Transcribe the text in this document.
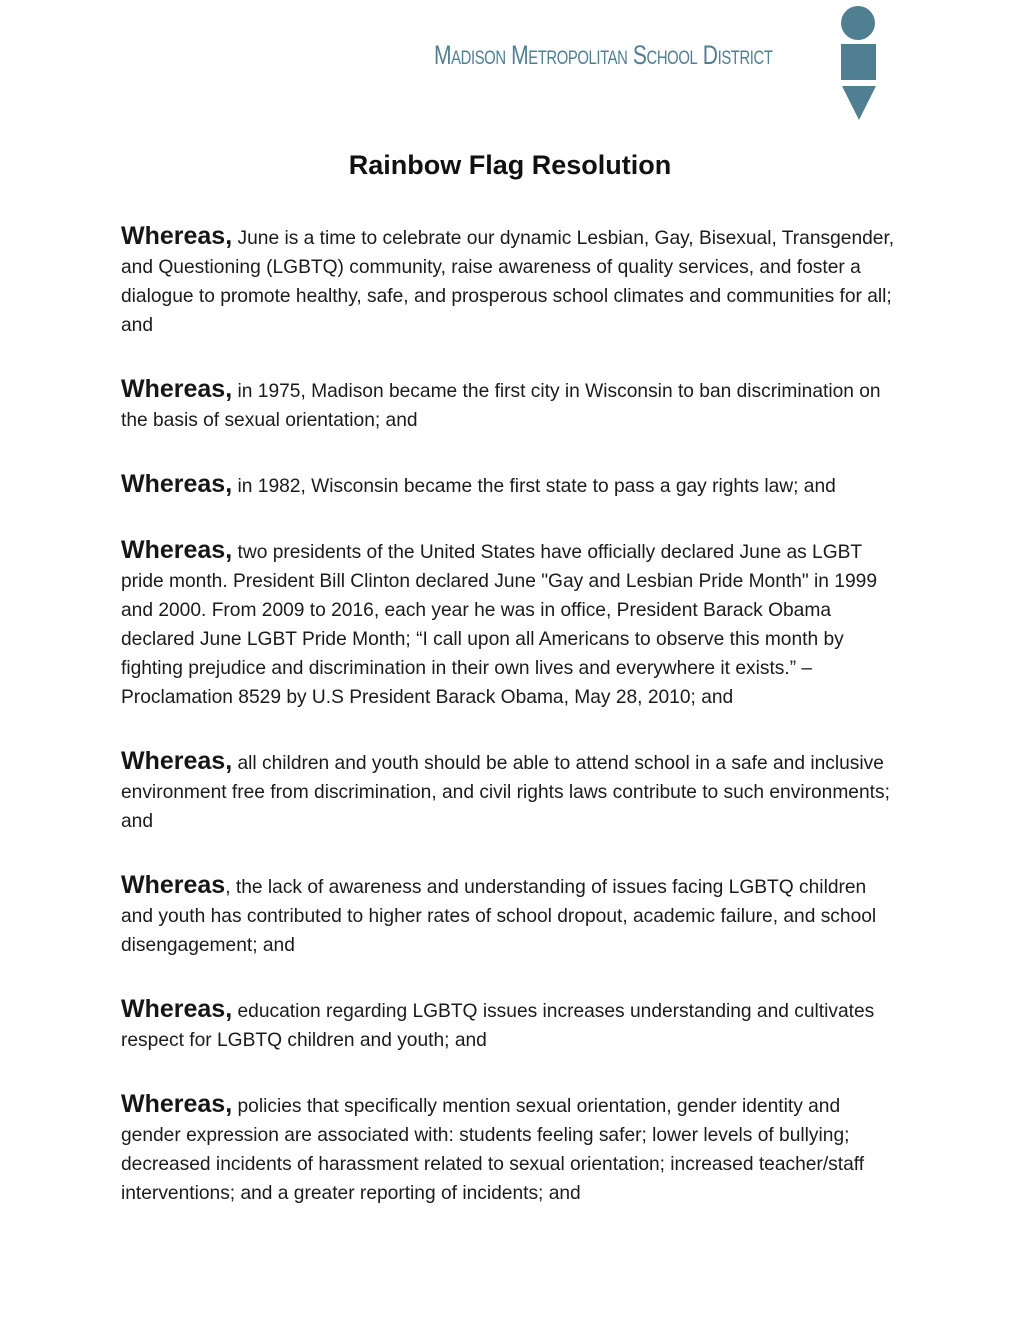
Madison Metropolitan School District
Rainbow Flag Resolution

Whereas, June is a time to celebrate our dynamic Lesbian, Gay, Bisexual, Transgender, and Questioning (LGBTQ) community, raise awareness of quality services, and foster a dialogue to promote healthy, safe, and prosperous school climates and communities for all; and

Whereas, in 1975, Madison became the first city in Wisconsin to ban discrimination on the basis of sexual orientation; and

Whereas, in 1982, Wisconsin became the first state to pass a gay rights law; and

Whereas, two presidents of the United States have officially declared June as LGBT pride month. President Bill Clinton declared June "Gay and Lesbian Pride Month" in 1999 and 2000. From 2009 to 2016, each year he was in office, President Barack Obama declared June LGBT Pride Month; “I call upon all Americans to observe this month by fighting prejudice and discrimination in their own lives and everywhere it exists.” – Proclamation 8529 by U.S President Barack Obama, May 28, 2010; and

Whereas, all children and youth should be able to attend school in a safe and inclusive environment free from discrimination, and civil rights laws contribute to such environments; and

Whereas, the lack of awareness and understanding of issues facing LGBTQ children and youth has contributed to higher rates of school dropout, academic failure, and school disengagement; and

Whereas, education regarding LGBTQ issues increases understanding and cultivates respect for LGBTQ children and youth; and

Whereas, policies that specifically mention sexual orientation, gender identity and gender expression are associated with: students feeling safer; lower levels of bullying; decreased incidents of harassment related to sexual orientation; increased teacher/staff interventions; and a greater reporting of incidents; and
